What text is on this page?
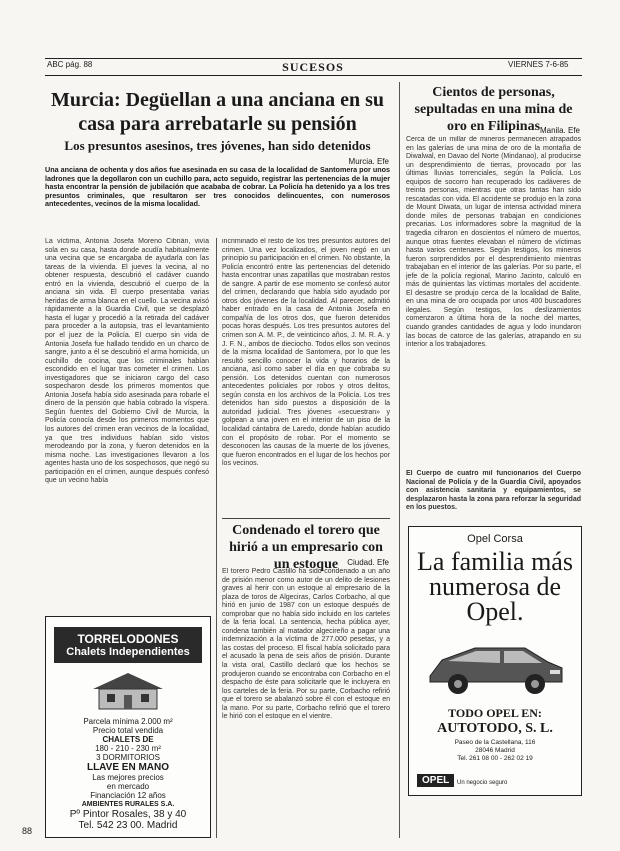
ABC pág. 88	SUCESOS	VIERNES 7-6-85
Murcia: Degüellan a una anciana en su casa para arrebatarle su pensión
Los presuntos asesinos, tres jóvenes, han sido detenidos
Murcia. Efe
Una anciana de ochenta y dos años fue asesinada en su casa de la localidad de Santomera por unos ladrones que la degollaron con un cuchillo para, acto seguido, registrar las pertenencias de la mujer hasta encontrar la pensión de jubilación que acababa de cobrar. La Policía ha detenido ya a los tres presuntos criminales, que resultaron ser tres conocidos delincuentes, con numerosos antecedentes, vecinos de la misma localidad.
La víctima, Antonia Josefa Moreno Cibrián, vivía sola en su casa, hasta donde acudía habitualmente una vecina que se encargaba de ayudarla con las tareas de la vivienda. El jueves la vecina, al no obtener respuesta, descubrió el cadáver cuando entró en la vivienda, descubrió el cuerpo de la anciana sin vida. El cuerpo presentaba varias heridas de arma blanca en el cuello. La vecina avisó rápidamente a la Guardia Civil, que se desplazó hasta el lugar y procedió a la retirada del cadáver para proceder a la autopsia, tras el levantamiento por el juez de la Policía. El cuerpo sin vida de Antonia Josefa fue hallado tendido en un charco de sangre, junto a él se descubrió el arma homicida, un cuchillo de cocina, que los criminales habían escondido en el lugar tras cometer el crimen. Los investigadores que se iniciaron cargo del caso sospecharon desde los primeros momentos que Antonia Josefa había sido asesinada para robarle el dinero de la pensión que había cobrado la víspera. Según fuentes del Gobierno Civil de Murcia, la Policía conocía desde los primeros momentos que los autores del crimen eran vecinos de la localidad, ya que tres individuos habían sido vistos merodeando por la zona, y fueron detenidos en la misma noche. Las investigaciones llevaron a los agentes hasta uno de los sospechosos, que negó su participación en el crimen, aunque después confesó que un vecino había
incriminado el resto de los tres presuntos autores del crimen. Una vez localizados, el joven negó en un principio su participación en el crimen. No obstante, la Policía encontró entre las pertenencias del detenido hasta encontrar unas zapatillas que mostraban restos de sangre. A partir de ese momento se confesó autor del crimen, declarando que había sido ayudado por otros dos jóvenes de la localidad. Al parecer, admitió haber entrado en la casa de Antonia Josefa en compañía de los otros dos, que fueron detenidos pocas horas después. Los tres presuntos autores del crimen son A. M. P., de veinticinco años, J. M. R. A. y J. F. N., ambos de dieciocho. Todos ellos son vecinos de la misma localidad de Santomera, por lo que les resultó sencillo conocer la vida y horarios de la anciana, así como saber el día en que cobraba su pensión. Los detenidos cuentan con numerosos antecedentes policiales por robos y otros delitos, según consta en los archivos de la Policía. Los tres detenidos han sido puestos a disposición de la autoridad judicial. Tres jóvenes «secuestran» y golpean a una joven en el interior de un piso de la localidad cántabra de Laredo, donde habían acudido con el propósito de robar. Por el momento se desconocen las causas de la muerte de los jóvenes, que fueron encontrados en el lugar de los hechos por los vecinos.
TORRELODONES
Chalets Independientes
Parcela mínima 2.000 m²
Precio total vendida
CHALETS DE
180 - 210 - 230 m²
3 DORMITORIOS
LLAVE EN MANO
Las mejores precios
en mercado
Financiación 12 años
AMBIENTES RURALES S.A.
Pº Pintor Rosales, 38 y 40
Tel. 542 23 00. Madrid
Condenado el torero que hirió a un empresario con un estoque	Ciudad. Efe
El torero Pedro Castillo ha sido condenado a un año de prisión menor como autor de un delito de lesiones graves al herir con un estoque al empresario de la plaza de toros de Algeciras, Carlos Corbacho, al que hirió en junio de 1987 con un estoque después de comprobar que no había sido incluido en los carteles de la feria local. La sentencia, hecha pública ayer, condena también al matador algecireño a pagar una indemnización a la víctima de 277.000 pesetas, y a las costas del proceso. El fiscal había solicitado para el acusado la pena de seis años de prisión. Durante la vista oral, Castillo declaró que los hechos se produjeron cuando se encontraba con Corbacho en el despacho de éste para solicitarle que le incluyera en los carteles de la feria. Por su parte, Corbacho refirió que el torero se abalanzó sobre él con el estoque en la mano. Por su parte, Corbacho refirió que el torero le hirió con el estoque en el vientre.
Cientos de personas, sepultadas en una mina de oro en Filipinas Manila. Efe
Cerca de un millar de mineros permanecen atrapados en las galerías de una mina de oro de la montaña de Diwalwal, en Davao del Norte (Mindanao), al producirse un desprendimiento de tierras, provocado por las últimas lluvias torrenciales, según la Policía. Los equipos de socorro han recuperado los cadáveres de treinta personas, mientras que otras tantas han sido rescatadas con vida. El accidente se produjo en la zona de Mount Diwata, un lugar de intensa actividad minera donde miles de personas trabajan en condiciones precarias. Los informadores sobre la magnitud de la tragedia cifraron en doscientos el número de muertos, aunque otras fuentes elevaban el número de víctimas hasta varios centenares. Según testigos, los mineros fueron sorprendidos por el desprendimiento mientras trabajaban en el interior de las galerías. Por su parte, el jefe de la policía regional, Marino Jacinto, calculó en más de quinientas las víctimas mortales del accidente. El desastre se produjo cerca de la localidad de Balite, en una mina de oro ocupada por unos 400 buscadores ilegales. Según testigos, los deslizamientos comenzaron a última hora de la noche del martes, cuando grandes cantidades de agua y lodo inundaron las bocas de catorce de las galerías, atrapando en su interior a los trabajadores.
El Cuerpo de cuatro mil funcionarios del Cuerpo Nacional de Policía y de la Guardia Civil, apoyados con asistencia sanitaria y equipamientos, se desplazaron hasta la zona para reforzar la seguridad en los puestos.
Opel Corsa
La familia más numerosa de Opel.
TODO OPEL EN:
AUTOTODO, S. L.
Paseo de la Castellana, 116
28046 Madrid
Tel. 261 08 00 - 262 02 19
OPEL	Un negocio seguro
88
